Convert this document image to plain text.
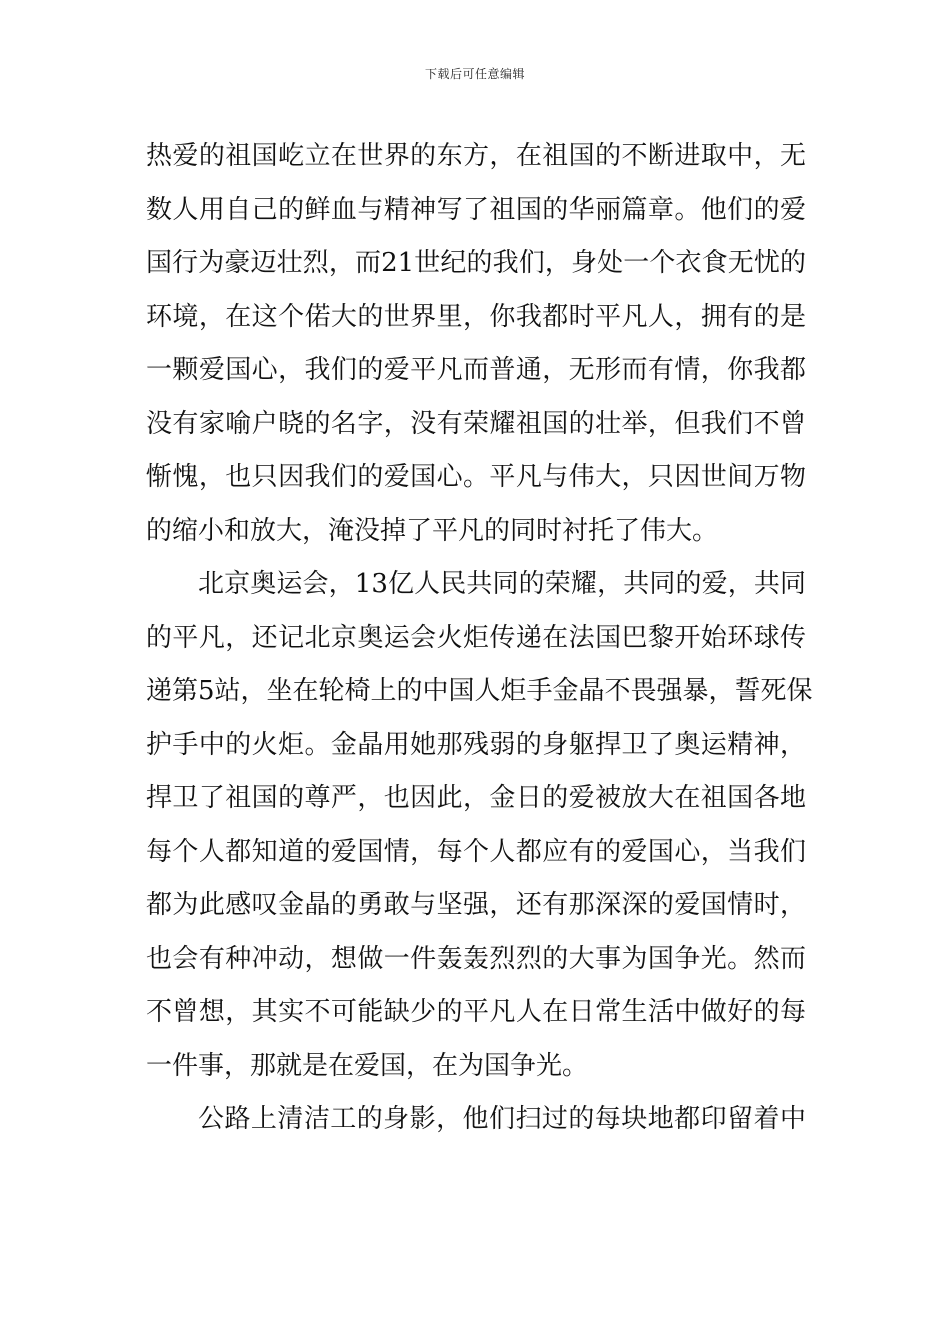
下载后可任意编辑
热爱的祖国屹立在世界的东方，在祖国的不断进取中，无
数人用自己的鲜血与精神写了祖国的华丽篇章。他们的爱
国行为豪迈壮烈，而21世纪的我们，身处一个衣食无忧的
环境，在这个偌大的世界里，你我都时平凡人，拥有的是
一颗爱国心，我们的爱平凡而普通，无形而有情，你我都
没有家喻户晓的名字，没有荣耀祖国的壮举，但我们不曾
惭愧，也只因我们的爱国心。平凡与伟大，只因世间万物
的缩小和放大，淹没掉了平凡的同时衬托了伟大。
北京奥运会，13亿人民共同的荣耀，共同的爱，共同
的平凡，还记北京奥运会火炬传递在法国巴黎开始环球传
递第5站，坐在轮椅上的中国人炬手金晶不畏强暴，誓死保
护手中的火炬。金晶用她那残弱的身躯捍卫了奥运精神，
捍卫了祖国的尊严，也因此，金日的爱被放大在祖国各地
每个人都知道的爱国情，每个人都应有的爱国心，当我们
都为此感叹金晶的勇敢与坚强，还有那深深的爱国情时，
也会有种冲动，想做一件轰轰烈烈的大事为国争光。然而
不曾想，其实不可能缺少的平凡人在日常生活中做好的每
一件事，那就是在爱国，在为国争光。
公路上清洁工的身影，他们扫过的每块地都印留着中
